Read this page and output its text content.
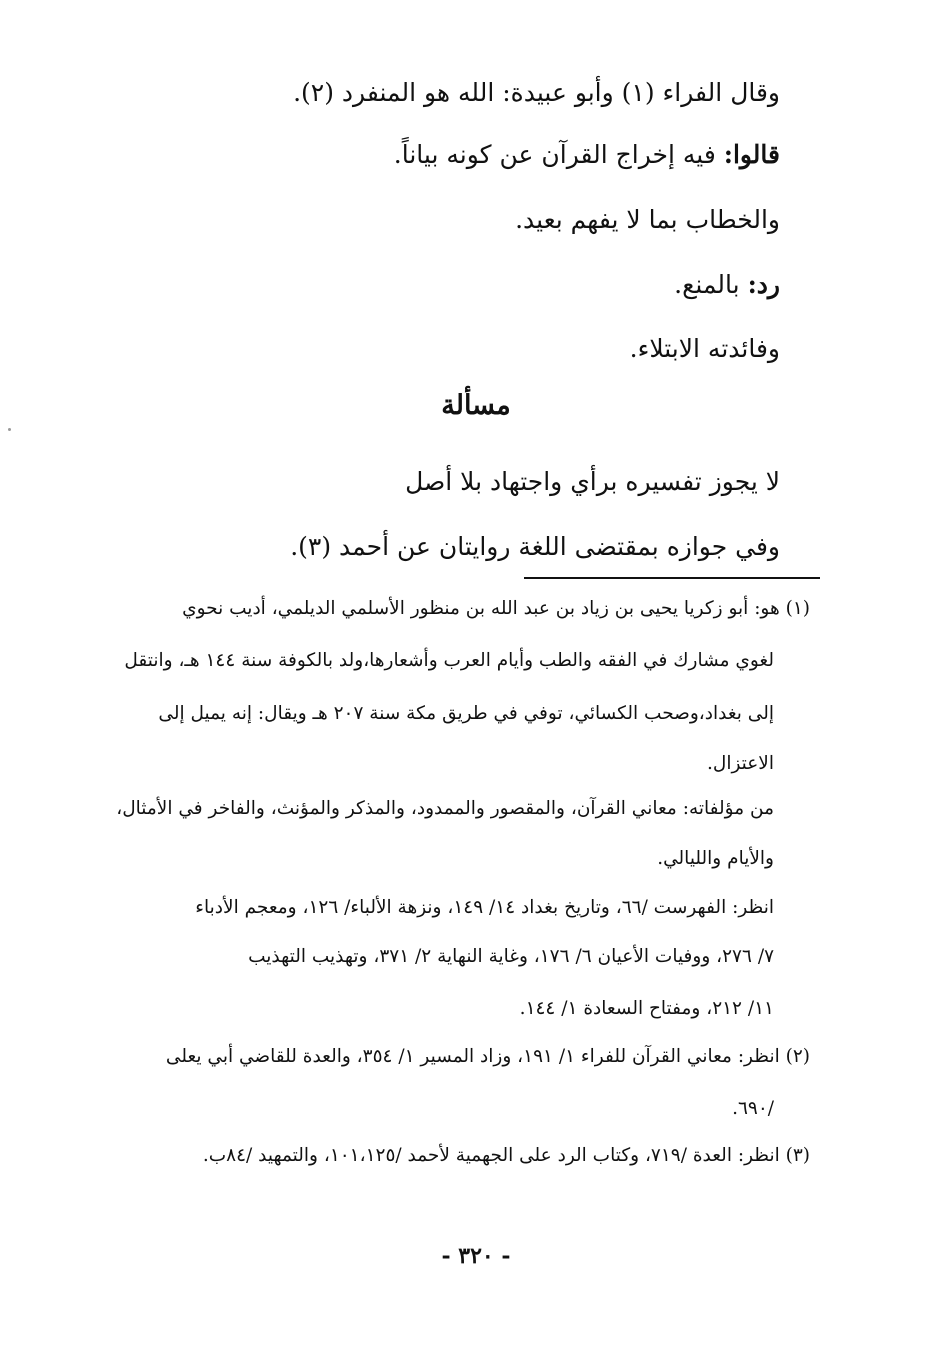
وقال الفراء (١) وأبو عبيدة: الله هو المنفرد (٢).
قالوا: فيه إخراج القرآن عن كونه بياناً.
والخطاب بما لا يفهم بعيد.
رد: بالمنع.
وفائدته الابتلاء.
مسألة
لا يجوز تفسيره برأي واجتهاد بلا أصل
وفي جوازه بمقتضى اللغة روايتان عن أحمد (٣).
(١) هو: أبو زكريا يحيى بن زياد بن عبد الله بن منظور الأسلمي الديلمي، أديب نحوي
لغوي مشارك في الفقه والطب وأيام العرب وأشعارها،ولد بالكوفة سنة ١٤٤ هـ، وانتقل
إلى بغداد،وصحب الكسائي، توفي في طريق مكة سنة ٢٠٧ هـ ويقال: إنه يميل إلى
الاعتزال.
من مؤلفاته: معاني القرآن، والمقصور والممدود، والمذكر والمؤنث، والفاخر في الأمثال،
والأيام والليالي.
انظر: الفهرست /٦٦، وتاريخ بغداد ١٤/ ١٤٩، ونزهة الألباء/ ١٢٦، ومعجم الأدباء
٧/ ٢٧٦، ووفيات الأعيان ٦/ ١٧٦، وغاية النهاية ٢/ ٣٧١، وتهذيب التهذيب
١١/ ٢١٢، ومفتاح السعادة ١/ ١٤٤.
(٢) انظر: معاني القرآن للفراء ١/ ١٩١، وزاد المسير ١/ ٣٥٤، والعدة للقاضي أبي يعلى
/٦٩٠.
(٣) انظر: العدة /٧١٩، وكتاب الرد على الجهمية لأحمد /١٠١،١٢٥، والتمهيد /٨٤ب.
- ٣٢٠ -
